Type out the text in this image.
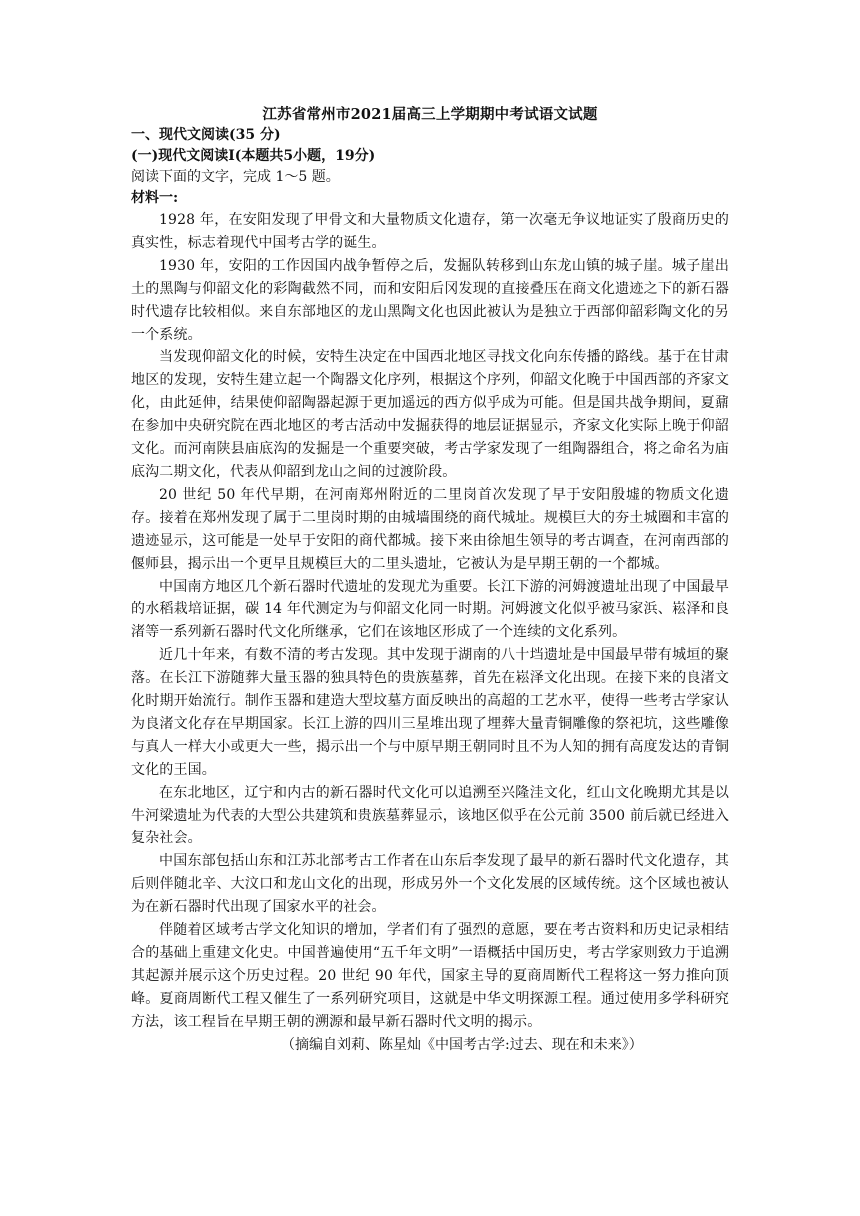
江苏省常州市2021届高三上学期期中考试语文试题
一、现代文阅读(35 分)
(一)现代文阅读Ⅰ(本题共5小题，19分)
阅读下面的文字，完成 1～5 题。
材料一:

1928 年，在安阳发现了甲骨文和大量物质文化遗存，第一次毫无争议地证实了殷商历史的真实性，标志着现代中国考古学的诞生。

1930 年，安阳的工作因国内战争暂停之后，发掘队转移到山东龙山镇的城子崖。城子崖出土的黑陶与仰韶文化的彩陶截然不同，而和安阳后冈发现的直接叠压在商文化遗迹之下的新石器时代遗存比较相似。来自东部地区的龙山黑陶文化也因此被认为是独立于西部仰韶彩陶文化的另一个系统。

当发现仰韶文化的时候，安特生决定在中国西北地区寻找文化向东传播的路线。基于在甘肃地区的发现，安特生建立起一个陶器文化序列，根据这个序列，仰韶文化晚于中国西部的齐家文化，由此延伸，结果使仰韶陶器起源于更加遥远的西方似乎成为可能。但是国共战争期间，夏鼐在参加中央研究院在西北地区的考古活动中发掘获得的地层证据显示，齐家文化实际上晚于仰韶文化。而河南陕县庙底沟的发掘是一个重要突破，考古学家发现了一组陶器组合，将之命名为庙底沟二期文化，代表从仰韶到龙山之间的过渡阶段。

20 世纪 50 年代早期，在河南郑州附近的二里岗首次发现了早于安阳殷墟的物质文化遗存。接着在郑州发现了属于二里岗时期的由城墙围绕的商代城址。规模巨大的夯土城圈和丰富的遗迹显示，这可能是一处早于安阳的商代都城。接下来由徐旭生领导的考古调查，在河南西部的偃师县，揭示出一个更早且规模巨大的二里头遗址，它被认为是早期王朝的一个都城。

中国南方地区几个新石器时代遗址的发现尤为重要。长江下游的河姆渡遗址出现了中国最早的水稻栽培证据，碳 14 年代测定为与仰韶文化同一时期。河姆渡文化似乎被马家浜、崧泽和良渚等一系列新石器时代文化所继承，它们在该地区形成了一个连续的文化系列。

近几十年来，有数不清的考古发现。其中发现于湖南的八十垱遗址是中国最早带有城垣的聚落。在长江下游随葬大量玉器的独具特色的贵族墓葬，首先在崧泽文化出现。在接下来的良渚文化时期开始流行。制作玉器和建造大型坟墓方面反映出的高超的工艺水平，使得一些考古学家认为良渚文化存在早期国家。长江上游的四川三星堆出现了埋葬大量青铜雕像的祭祀坑，这些雕像与真人一样大小或更大一些，揭示出一个与中原早期王朝同时且不为人知的拥有高度发达的青铜文化的王国。

在东北地区，辽宁和内古的新石器时代文化可以追溯至兴隆洼文化，红山文化晚期尤其是以牛河梁遗址为代表的大型公共建筑和贵族墓葬显示，该地区似乎在公元前 3500 前后就已经进入复杂社会。

中国东部包括山东和江苏北部考古工作者在山东后李发现了最早的新石器时代文化遗存，其后则伴随北辛、大汶口和龙山文化的出现，形成另外一个文化发展的区域传统。这个区域也被认为在新石器时代出现了国家水平的社会。

伴随着区域考古学文化知识的增加，学者们有了强烈的意愿，要在考古资料和历史记录相结合的基础上重建文化史。中国普遍使用“五千年文明”一语概括中国历史，考古学家则致力于追溯其起源并展示这个历史过程。20 世纪 90 年代，国家主导的夏商周断代工程将这一努力推向顶峰。夏商周断代工程又催生了一系列研究项目，这就是中华文明探源工程。通过使用多学科研究方法，该工程旨在早期王朝的溯源和最早新石器时代文明的揭示。

（摘编自刘莉、陈星灿《中国考古学:过去、现在和未来》）
